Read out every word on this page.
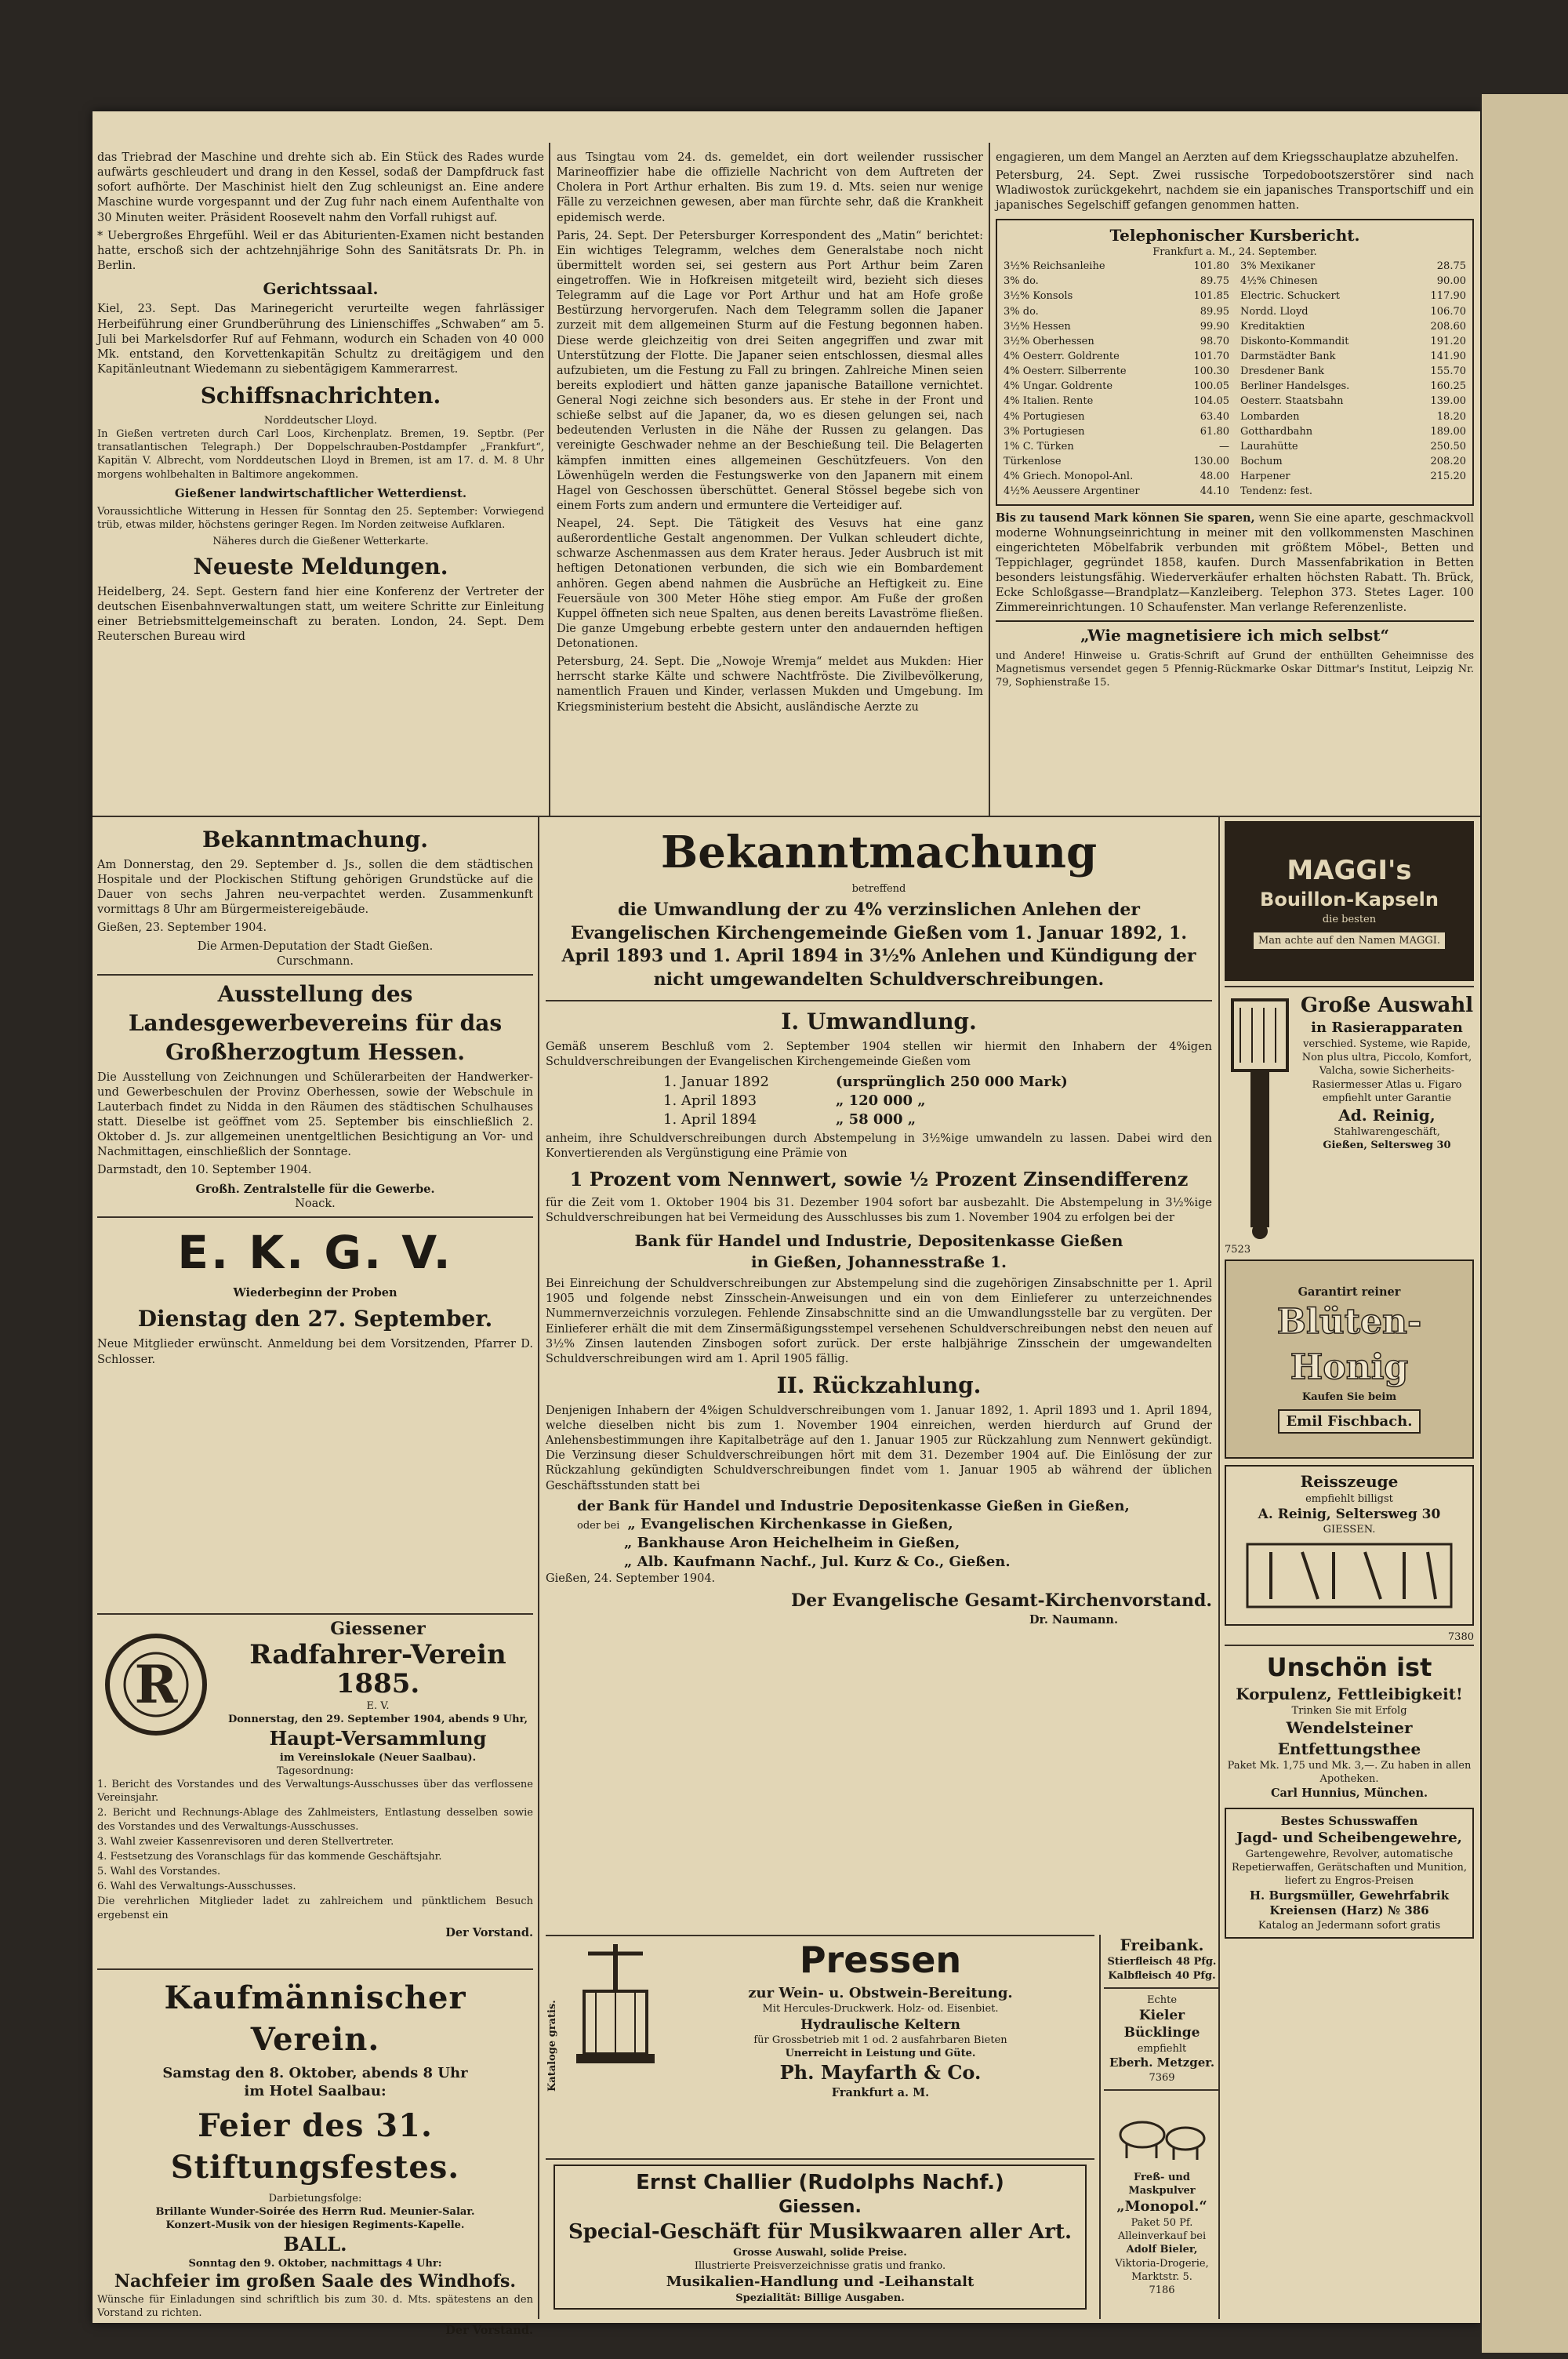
das Triebrad der Maschine und drehte sich ab. Ein Stück des Rades wurde aufwärts geschleudert und drang in den Kessel, sodaß der Dampfdruck fast sofort aufhörte. Der Maschinist hielt den Zug schleunigst an. Eine andere Maschine wurde vorgespannt und der Zug fuhr nach einem Aufenthalte von 30 Minuten weiter. Präsident Roosevelt nahm den Vorfall ruhigst auf.

* Uebergroßes Ehrgefühl. Weil er das Abiturienten-Examen nicht bestanden hatte, erschoß sich der achtzehnjährige Sohn des Sanitätsrats Dr. Ph. in Berlin.

Gerichtssaal.

Kiel, 23. Sept. Das Marinegericht verurteilte wegen fahrlässiger Herbeiführung einer Grundberührung des Linienschiffes „Schwaben“ am 5. Juli bei Markelsdorfer Ruf auf Fehmann, wodurch ein Schaden von 40 000 Mk. entstand, den Korvettenkapitän Schultz zu dreitägigem und den Kapitänleutnant Wiedemann zu siebentägigem Kammerarrest.

Schiffsnachrichten.
Norddeutscher Lloyd.

In Gießen vertreten durch Carl Loos, Kirchenplatz. Bremen, 19. Septbr. (Per transatlantischen Telegraph.) Der Doppelschrauben-Postdampfer „Frankfurt“, Kapitän V. Albrecht, vom Norddeutschen Lloyd in Bremen, ist am 17. d. M. 8 Uhr morgens wohlbehalten in Baltimore angekommen.

Gießener landwirtschaftlicher Wetterdienst.

Voraussichtliche Witterung in Hessen für Sonntag den 25. September: Vorwiegend trüb, etwas milder, höchstens geringer Regen. Im Norden zeitweise Aufklaren.

Näheres durch die Gießener Wetterkarte.
Neueste Meldungen.

Heidelberg, 24. Sept. Gestern fand hier eine Konferenz der Vertreter der deutschen Eisenbahnverwaltungen statt, um weitere Schritte zur Einleitung einer Betriebsmittelgemeinschaft zu beraten. London, 24. Sept. Dem Reuterschen Bureau wird

aus Tsingtau vom 24. ds. gemeldet, ein dort weilender russischer Marineoffizier habe die offizielle Nachricht von dem Auftreten der Cholera in Port Arthur erhalten. Bis zum 19. d. Mts. seien nur wenige Fälle zu verzeichnen gewesen, aber man fürchte sehr, daß die Krankheit epidemisch werde.

Paris, 24. Sept. Der Petersburger Korrespondent des „Matin“ berichtet: Ein wichtiges Telegramm, welches dem Generalstabe noch nicht übermittelt worden sei, sei gestern aus Port Arthur beim Zaren eingetroffen. Wie in Hofkreisen mitgeteilt wird, bezieht sich dieses Telegramm auf die Lage vor Port Arthur und hat am Hofe große Bestürzung hervorgerufen. Nach dem Telegramm sollen die Japaner zurzeit mit dem allgemeinen Sturm auf die Festung begonnen haben. Diese werde gleichzeitig von drei Seiten angegriffen und zwar mit Unterstützung der Flotte. Die Japaner seien entschlossen, diesmal alles aufzubieten, um die Festung zu Fall zu bringen. Zahlreiche Minen seien bereits explodiert und hätten ganze japanische Bataillone vernichtet. General Nogi zeichne sich besonders aus. Er stehe in der Front und schieße selbst auf die Japaner, da, wo es diesen gelungen sei, nach bedeutenden Verlusten in die Nähe der Russen zu gelangen. Das vereinigte Geschwader nehme an der Beschießung teil. Die Belagerten kämpfen inmitten eines allgemeinen Geschützfeuers. Von den Löwenhügeln werden die Festungswerke von den Japanern mit einem Hagel von Geschossen überschüttet. General Stössel begebe sich von einem Forts zum andern und ermuntere die Verteidiger auf.

Neapel, 24. Sept. Die Tätigkeit des Vesuvs hat eine ganz außerordentliche Gestalt angenommen. Der Vulkan schleudert dichte, schwarze Aschenmassen aus dem Krater heraus. Jeder Ausbruch ist mit heftigen Detonationen verbunden, die sich wie ein Bombardement anhören. Gegen abend nahmen die Ausbrüche an Heftigkeit zu. Eine Feuersäule von 300 Meter Höhe stieg empor. Am Fuße der großen Kuppel öffneten sich neue Spalten, aus denen bereits Lavaströme fließen. Die ganze Umgebung erbebte gestern unter den andauernden heftigen Detonationen.

Petersburg, 24. Sept. Die „Nowoje Wremja“ meldet aus Mukden: Hier herrscht starke Kälte und schwere Nachtfröste. Die Zivilbevölkerung, namentlich Frauen und Kinder, verlassen Mukden und Umgebung. Im Kriegsministerium besteht die Absicht, ausländische Aerzte zu

engagieren, um dem Mangel an Aerzten auf dem Kriegsschauplatze abzuhelfen.

Petersburg, 24. Sept. Zwei russische Torpedobootszerstörer sind nach Wladiwostok zurückgekehrt, nachdem sie ein japanisches Transportschiff und ein japanisches Segelschiff gefangen genommen hatten.

Telephonischer Kursbericht.
Frankfurt a. M., 24. September.
3½% Reichsanleihe	101.80
3% do.	89.75
3½% Konsols	101.85
3% do.	89.95
3½% Hessen	99.90
3½% Oberhessen	98.70
4% Oesterr. Goldrente	101.70
4% Oesterr. Silberrente	100.30
4% Ungar. Goldrente	100.05
4% Italien. Rente	104.05
4% Portugiesen	63.40
3% Portugiesen	61.80
1% C. Türken	—
Türkenlose	130.00
4% Griech. Monopol-Anl.	48.00
4½% Aeussere Argentiner	44.10
3% Mexikaner	28.75
4½% Chinesen	90.00
Electric. Schuckert	117.90
Nordd. Lloyd	106.70
Kreditaktien	208.60
Diskonto-Kommandit	191.20
Darmstädter Bank	141.90
Dresdener Bank	155.70
Berliner Handelsges.	160.25
Oesterr. Staatsbahn	139.00
Lombarden	18.20
Gotthardbahn	189.00
Laurahütte	250.50
Bochum	208.20
Harpener	215.20
Tendenz: fest.	

Bis zu tausend Mark können Sie sparen, wenn Sie eine aparte, geschmackvoll moderne Wohnungseinrichtung in meiner mit den vollkommensten Maschinen eingerichteten Möbelfabrik verbunden mit größtem Möbel-, Betten und Teppichlager, gegründet 1858, kaufen. Durch Massenfabrikation in Betten besonders leistungsfähig. Wiederverkäufer erhalten höchsten Rabatt. Th. Brück, Ecke Schloßgasse—Brandplatz—Kanzleiberg. Telephon 373. Stetes Lager. 100 Zimmereinrichtungen. 10 Schaufenster. Man verlange Referenzenliste.

„Wie magnetisiere ich mich selbst“

und Andere! Hinweise u. Gratis-Schrift auf Grund der enthüllten Geheimnisse des Magnetismus versendet gegen 5 Pfennig-Rückmarke Oskar Dittmar's Institut, Leipzig Nr. 79, Sophienstraße 15.

Bekanntmachung.

Am Donnerstag, den 29. September d. Js., sollen die dem städtischen Hospitale und der Plockischen Stiftung gehörigen Grundstücke auf die Dauer von sechs Jahren neu-verpachtet werden. Zusammenkunft vormittags 8 Uhr am Bürgermeistereigebäude.

Gießen, 23. September 1904.

Die Armen-Deputation der Stadt Gießen.
Curschmann.
Ausstellung des Landesgewerbevereins für das Großherzogtum Hessen.

Die Ausstellung von Zeichnungen und Schülerarbeiten der Handwerker- und Gewerbeschulen der Provinz Oberhessen, sowie der Webschule in Lauterbach findet zu Nidda in den Räumen des städtischen Schulhauses statt. Dieselbe ist geöffnet vom 25. September bis einschließlich 2. Oktober d. Js. zur allgemeinen unentgeltlichen Besichtigung an Vor- und Nachmittagen, einschließlich der Sonntage.

Darmstadt, den 10. September 1904.

Großh. Zentralstelle für die Gewerbe.
Noack.
E. K. G. V.
Wiederbeginn der Proben
Dienstag den 27. September.

Neue Mitglieder erwünscht. Anmeldung bei dem Vorsitzenden, Pfarrer D. Schlosser.

R
Giessener
Radfahrer-Verein 1885.
E. V.
Donnerstag, den 29. September 1904, abends 9 Uhr,
Haupt-Versammlung
im Vereinslokale (Neuer Saalbau).
Tagesordnung:

1. Bericht des Vorstandes und des Verwaltungs-Ausschusses über das verflossene Vereinsjahr.

2. Bericht und Rechnungs-Ablage des Zahlmeisters, Entlastung desselben sowie des Vorstandes und des Verwaltungs-Ausschusses.

3. Wahl zweier Kassenrevisoren und deren Stellvertreter.

4. Festsetzung des Voranschlags für das kommende Geschäftsjahr.

5. Wahl des Vorstandes.

6. Wahl des Verwaltungs-Ausschusses.

Die verehrlichen Mitglieder ladet zu zahlreichem und pünktlichem Besuch ergebenst ein

Der Vorstand.
Kaufmännischer Verein.
Samstag den 8. Oktober, abends 8 Uhr
im Hotel Saalbau:
Feier des 31. Stiftungsfestes.
Darbietungsfolge:
Brillante Wunder-Soirée des Herrn Rud. Meunier-Salar.
Konzert-Musik von der hiesigen Regiments-Kapelle.
BALL.
Sonntag den 9. Oktober, nachmittags 4 Uhr:
Nachfeier im großen Saale des Windhofs.

Wünsche für Einladungen sind schriftlich bis zum 30. d. Mts. spätestens an den Vorstand zu richten.

Der Vorstand.
Bekanntmachung
betreffend
die Umwandlung der zu 4% verzinslichen Anlehen der Evangelischen Kirchengemeinde Gießen vom 1. Januar 1892, 1. April 1893 und 1. April 1894 in 3½% Anlehen und Kündigung der nicht umgewandelten Schuldverschreibungen.
I. Umwandlung.

Gemäß unserem Beschluß vom 2. September 1904 stellen wir hiermit den Inhabern der 4%igen Schuldverschreibungen der Evangelischen Kirchengemeinde Gießen vom

1. Januar 1892	(ursprünglich 250 000 Mark)
1. April 1893	„ 120 000 „
1. April 1894	„ 58 000 „

anheim, ihre Schuldverschreibungen durch Abstempelung in 3½%ige umwandeln zu lassen. Dabei wird den Konvertierenden als Vergünstigung eine Prämie von

1 Prozent vom Nennwert, sowie ½ Prozent Zinsendifferenz

für die Zeit vom 1. Oktober 1904 bis 31. Dezember 1904 sofort bar ausbezahlt. Die Abstempelung in 3½%ige Schuldverschreibungen hat bei Vermeidung des Ausschlusses bis zum 1. November 1904 zu erfolgen bei der

Bank für Handel und Industrie, Depositenkasse Gießen in Gießen, Johannesstraße 1.

Bei Einreichung der Schuldverschreibungen zur Abstempelung sind die zugehörigen Zinsabschnitte per 1. April 1905 und folgende nebst Zinsschein-Anweisungen und ein von dem Einlieferer zu unterzeichnendes Nummernverzeichnis vorzulegen. Fehlende Zinsabschnitte sind an die Umwandlungsstelle bar zu vergüten. Der Einlieferer erhält die mit dem Zinsermäßigungsstempel versehenen Schuldverschreibungen nebst den neuen auf 3½% Zinsen lautenden Zinsbogen sofort zurück. Der erste halbjährige Zinsschein der umgewandelten Schuldverschreibungen wird am 1. April 1905 fällig.

II. Rückzahlung.

Denjenigen Inhabern der 4%igen Schuldverschreibungen vom 1. Januar 1892, 1. April 1893 und 1. April 1894, welche dieselben nicht bis zum 1. November 1904 einreichen, werden hierdurch auf Grund der Anlehensbestimmungen ihre Kapitalbeträge auf den 1. Januar 1905 zur Rückzahlung zum Nennwert gekündigt. Die Verzinsung dieser Schuldverschreibungen hört mit dem 31. Dezember 1904 auf. Die Einlösung der zur Rückzahlung gekündigten Schuldverschreibungen findet vom 1. Januar 1905 ab während der üblichen Geschäftsstunden statt bei

der Bank für Handel und Industrie Depositenkasse Gießen in Gießen,
oder bei „ Evangelischen Kirchenkasse in Gießen,
„ Bankhause Aron Heichelheim in Gießen,
„ Alb. Kaufmann Nachf., Jul. Kurz & Co., Gießen.

Gießen, 24. September 1904.

Der Evangelische Gesamt-Kirchenvorstand.
Dr. Naumann.
Kataloge gratis.
Pressen
zur Wein- u. Obstwein-Bereitung.
Mit Hercules-Druckwerk. Holz- od. Eisenbiet.
Hydraulische Keltern
für Grossbetrieb mit 1 od. 2 ausfahrbaren Bieten
Unerreicht in Leistung und Güte.
Ph. Mayfarth & Co.
Frankfurt a. M.
Ernst Challier (Rudolphs Nachf.)
Giessen.
Special-Geschäft für Musikwaaren aller Art.
Grosse Auswahl, solide Preise.
Illustrierte Preisverzeichnisse gratis und franko.
Musikalien-Handlung und -Leihanstalt
Spezialität: Billige Ausgaben.
Freibank.
Stierfleisch 48 Pfg.
Kalbfleisch 40 Pfg.
Echte
Kieler Bücklinge
empfiehlt
Eberh. Metzger.
7369
Freß- und Maskpulver
„Monopol.“
Paket 50 Pf.
Alleinverkauf bei
Adolf Bieler,
Viktoria-Drogerie,
Marktstr. 5.
7186
MAGGI's
Bouillon-Kapseln
die besten
Man achte auf den Namen MAGGI.
Große Auswahl
in Rasierapparaten
verschied. Systeme, wie Rapide, Non plus ultra, Piccolo, Komfort, Valcha, sowie Sicherheits-Rasiermesser Atlas u. Figaro empfiehlt unter Garantie
Ad. Reinig,
Stahlwarengeschäft,
Gießen, Seltersweg 30
7523
Garantirt reiner
Blüten-Honig
Kaufen Sie beim
Emil Fischbach.
Reisszeuge
empfiehlt billigst
A. Reinig, Seltersweg 30
GIESSEN.
7380
Unschön ist
Korpulenz, Fettleibigkeit!
Trinken Sie mit Erfolg
Wendelsteiner Entfettungsthee
Paket Mk. 1,75 und Mk. 3,—. Zu haben in allen Apotheken.
Carl Hunnius, München.
Bestes Schusswaffen
Jagd- und Scheibengewehre,
Gartengewehre, Revolver, automatische Repetierwaffen, Gerätschaften und Munition, liefert zu Engros-Preisen
H. Burgsmüller, Gewehrfabrik
Kreiensen (Harz) № 386
Katalog an Jedermann sofort gratis
